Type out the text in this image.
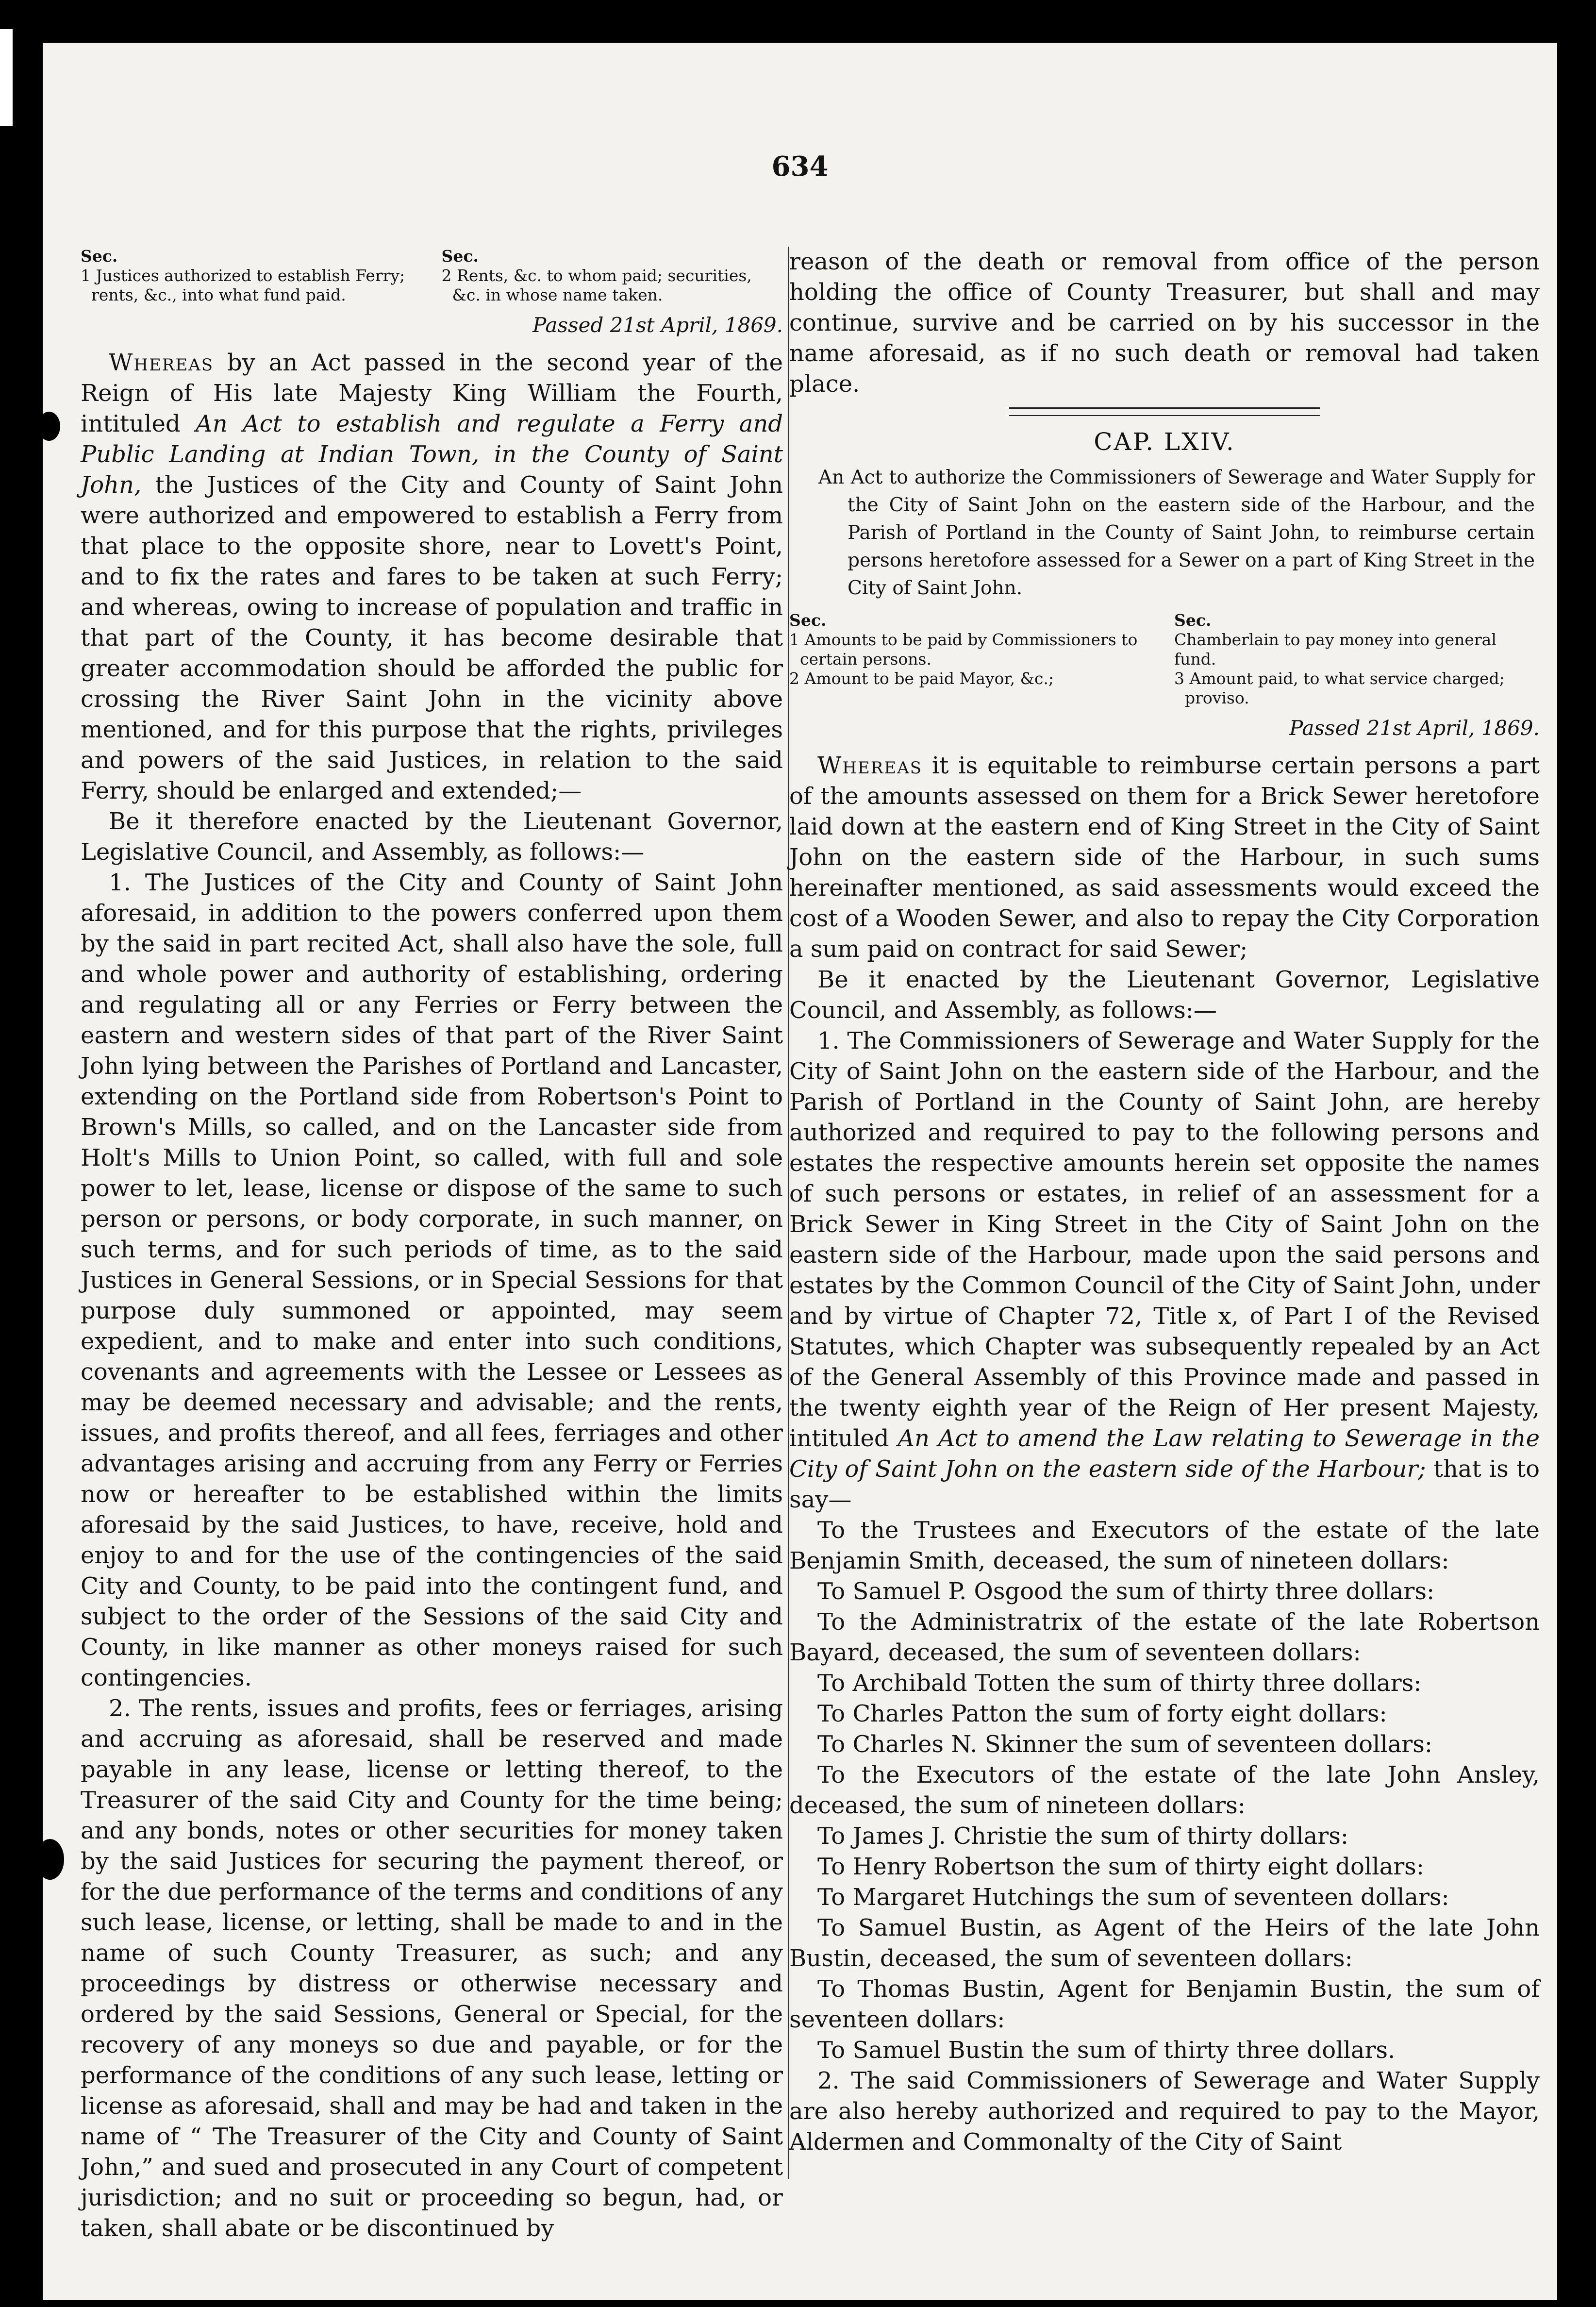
634
Sec.
1 Justices authorized to establish Ferry; rents, &c., into what fund paid.
Sec.
2 Rents, &c. to whom paid; securities, &c. in whose name taken.
Passed 21st April, 1869.

Whereas by an Act passed in the second year of the Reign of His late Majesty King William the Fourth, intituled An Act to establish and regulate a Ferry and Public Landing at Indian Town, in the County of Saint John, the Justices of the City and County of Saint John were authorized and empowered to establish a Ferry from that place to the opposite shore, near to Lovett's Point, and to fix the rates and fares to be taken at such Ferry; and whereas, owing to increase of population and traffic in that part of the County, it has become desirable that greater accommodation should be afforded the public for crossing the River Saint John in the vicinity above mentioned, and for this purpose that the rights, privileges and powers of the said Justices, in relation to the said Ferry, should be enlarged and extended;—

Be it therefore enacted by the Lieutenant Governor, Legislative Council, and Assembly, as follows:—

1. The Justices of the City and County of Saint John aforesaid, in addition to the powers conferred upon them by the said in part recited Act, shall also have the sole, full and whole power and authority of establishing, ordering and regulating all or any Ferries or Ferry between the eastern and western sides of that part of the River Saint John lying between the Parishes of Portland and Lancaster, extending on the Portland side from Robertson's Point to Brown's Mills, so called, and on the Lancaster side from Holt's Mills to Union Point, so called, with full and sole power to let, lease, license or dispose of the same to such person or persons, or body corporate, in such manner, on such terms, and for such periods of time, as to the said Justices in General Sessions, or in Special Sessions for that purpose duly summoned or appointed, may seem expedient, and to make and enter into such conditions, covenants and agreements with the Lessee or Lessees as may be deemed necessary and advisable; and the rents, issues, and profits thereof, and all fees, ferriages and other advantages arising and accruing from any Ferry or Ferries now or hereafter to be established within the limits aforesaid by the said Justices, to have, receive, hold and enjoy to and for the use of the contingencies of the said City and County, to be paid into the contingent fund, and subject to the order of the Sessions of the said City and County, in like manner as other moneys raised for such contingencies.

2. The rents, issues and profits, fees or ferriages, arising and accruing as aforesaid, shall be reserved and made payable in any lease, license or letting thereof, to the Treasurer of the said City and County for the time being; and any bonds, notes or other securities for money taken by the said Justices for securing the payment thereof, or for the due performance of the terms and conditions of any such lease, license, or letting, shall be made to and in the name of such County Treasurer, as such; and any proceedings by distress or otherwise necessary and ordered by the said Sessions, General or Special, for the recovery of any moneys so due and payable, or for the performance of the conditions of any such lease, letting or license as aforesaid, shall and may be had and taken in the name of “ The Treasurer of the City and County of Saint John,” and sued and prosecuted in any Court of competent jurisdiction; and no suit or proceeding so begun, had, or taken, shall abate or be discontinued by

reason of the death or removal from office of the person holding the office of County Treasurer, but shall and may continue, survive and be carried on by his successor in the name aforesaid, as if no such death or removal had taken place.

CAP. LXIV.
An Act to authorize the Commissioners of Sewerage and Water Supply for the City of Saint John on the eastern side of the Harbour, and the Parish of Portland in the County of Saint John, to reimburse certain persons heretofore assessed for a Sewer on a part of King Street in the City of Saint John.
Sec.
1 Amounts to be paid by Commissioners to certain persons.
2 Amount to be paid Mayor, &c.;
Sec.
Chamberlain to pay money into general fund.
3 Amount paid, to what service charged; proviso.
Passed 21st April, 1869.

Whereas it is equitable to reimburse certain persons a part of the amounts assessed on them for a Brick Sewer heretofore laid down at the eastern end of King Street in the City of Saint John on the eastern side of the Harbour, in such sums hereinafter mentioned, as said assessments would exceed the cost of a Wooden Sewer, and also to repay the City Corporation a sum paid on contract for said Sewer;

Be it enacted by the Lieutenant Governor, Legislative Council, and Assembly, as follows:—

1. The Commissioners of Sewerage and Water Supply for the City of Saint John on the eastern side of the Harbour, and the Parish of Portland in the County of Saint John, are hereby authorized and required to pay to the following persons and estates the respective amounts herein set opposite the names of such persons or estates, in relief of an assessment for a Brick Sewer in King Street in the City of Saint John on the eastern side of the Harbour, made upon the said persons and estates by the Common Council of the City of Saint John, under and by virtue of Chapter 72, Title x, of Part I of the Revised Statutes, which Chapter was subsequently repealed by an Act of the General Assembly of this Province made and passed in the twenty eighth year of the Reign of Her present Majesty, intituled An Act to amend the Law relating to Sewerage in the City of Saint John on the eastern side of the Harbour; that is to say—

To the Trustees and Executors of the estate of the late Benjamin Smith, deceased, the sum of nineteen dollars:

To Samuel P. Osgood the sum of thirty three dollars:

To the Administratrix of the estate of the late Robertson Bayard, deceased, the sum of seventeen dollars:

To Archibald Totten the sum of thirty three dollars:

To Charles Patton the sum of forty eight dollars:

To Charles N. Skinner the sum of seventeen dollars:

To the Executors of the estate of the late John Ansley, deceased, the sum of nineteen dollars:

To James J. Christie the sum of thirty dollars:

To Henry Robertson the sum of thirty eight dollars:

To Margaret Hutchings the sum of seventeen dollars:

To Samuel Bustin, as Agent of the Heirs of the late John Bustin, deceased, the sum of seventeen dollars:

To Thomas Bustin, Agent for Benjamin Bustin, the sum of seventeen dollars:

To Samuel Bustin the sum of thirty three dollars.

2. The said Commissioners of Sewerage and Water Supply are also hereby authorized and required to pay to the Mayor, Aldermen and Commonalty of the City of Saint
